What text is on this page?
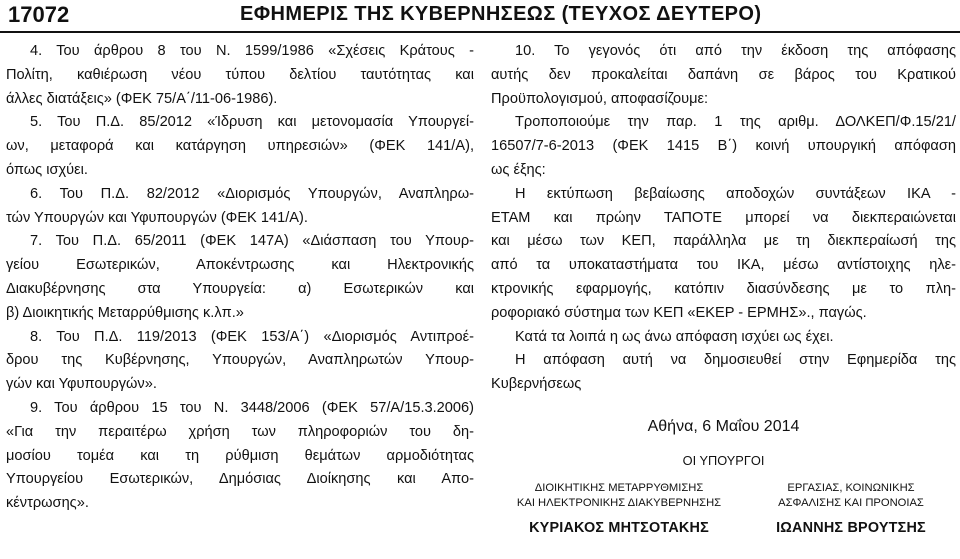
17072	ΕΦΗΜΕΡΙΣ ΤΗΣ ΚΥΒΕΡΝΗΣΕΩΣ (ΤΕΥΧΟΣ ΔΕΥΤΕΡΟ)
4. Του άρθρου 8 του Ν. 1599/1986 «Σχέσεις Κράτους -
Πολίτη, καθιέρωση νέου τύπου δελτίου ταυτότητας και
άλλες διατάξεις» (ΦΕΚ 75/Α΄/11-06-1986).
5. Του Π.Δ. 85/2012 «Ίδρυση και μετονομασία Υπουργεί-
ων, μεταφορά και κατάργηση υπηρεσιών» (ΦΕΚ 141/Α),
όπως ισχύει.
6. Του Π.Δ. 82/2012 «Διορισμός Υπουργών, Αναπληρω-
τών Υπουργών και Υφυπουργών (ΦΕΚ 141/Α).
7. Του Π.Δ. 65/2011 (ΦΕΚ 147Α) «Διάσπαση του Υπουρ-
γείου Εσωτερικών, Αποκέντρωσης και Ηλεκτρονικής
Διακυβέρνησης στα Υπουργεία: α) Εσωτερικών και
β) Διοικητικής Μεταρρύθμισης κ.λπ.»
8. Του Π.Δ. 119/2013 (ΦΕΚ 153/Α΄) «Διορισμός Αντιπροέ-
δρου της Κυβέρνησης, Υπουργών, Αναπληρωτών Υπουρ-
γών και Υφυπουργών».
9. Του άρθρου 15 του Ν. 3448/2006 (ΦΕΚ 57/Α/15.3.2006)
«Για την περαιτέρω χρήση των πληροφοριών του δη-
μοσίου τομέα και τη ρύθμιση θεμάτων αρμοδιότητας
Υπουργείου Εσωτερικών, Δημόσιας Διοίκησης και Απο-
κέντρωσης».
10. Το γεγονός ότι από την έκδοση της απόφασης
αυτής δεν προκαλείται δαπάνη σε βάρος του Κρατικού
Προϋπολογισμού, αποφασίζουμε:
Τροποποιούμε την παρ. 1 της αριθμ. ΔΟΛΚΕΠ/Φ.15/21/
16507/7-6-2013 (ΦΕΚ 1415 Β΄) κοινή υπουργική απόφαση
ως έξης:
Η εκτύπωση βεβαίωσης αποδοχών συντάξεων ΙΚΑ -
ΕΤΑΜ και πρώην ΤΑΠΟΤΕ μπορεί να διεκπεραιώνεται
και μέσω των ΚΕΠ, παράλληλα με τη διεκπεραίωσή της
από τα υποκαταστήματα του ΙΚΑ, μέσω αντίστοιχης ηλε-
κτρονικής εφαρμογής, κατόπιν διασύνδεσης με το πλη-
ροφοριακό σύστημα των ΚΕΠ «ΕΚΕΡ - ΕΡΜΗΣ»., παγώς.
Κατά τα λοιπά η ως άνω απόφαση ισχύει ως έχει.
Η απόφαση αυτή να δημοσιευθεί στην Εφημερίδα της
Κυβερνήσεως
Αθήνα, 6 Μαΐου 2014
ΟΙ ΥΠΟΥΡΓΟΙ
ΔΙΟΙΚΗΤΙΚΗΣ ΜΕΤΑΡΡΥΘΜΙΣΗΣ
ΚΑΙ ΗΛΕΚΤΡΟΝΙΚΗΣ ΔΙΑΚΥΒΕΡΝΗΣΗΣ
ΚΥΡΙΑΚΟΣ ΜΗΤΣΟΤΑΚΗΣ
ΕΡΓΑΣΙΑΣ, ΚΟΙΝΩΝΙΚΗΣ
ΑΣΦΑΛΙΣΗΣ ΚΑΙ ΠΡΟΝΟΙΑΣ
ΙΩΑΝΝΗΣ ΒΡΟΥΤΣΗΣ
